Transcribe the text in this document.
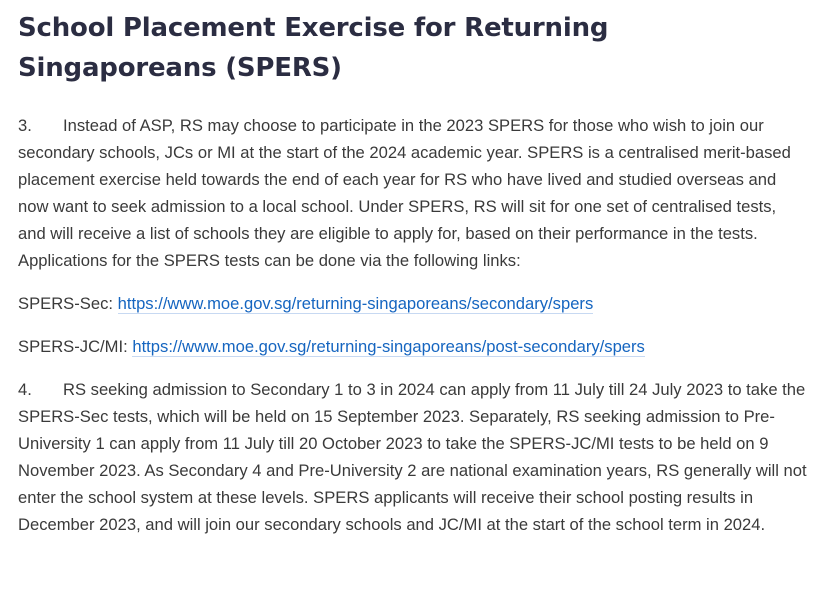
School Placement Exercise for Returning Singaporeans (SPERS)

3. Instead of ASP, RS may choose to participate in the 2023 SPERS for those who wish to join our secondary schools, JCs or MI at the start of the 2024 academic year. SPERS is a centralised merit-based placement exercise held towards the end of each year for RS who have lived and studied overseas and now want to seek admission to a local school. Under SPERS, RS will sit for one set of centralised tests, and will receive a list of schools they are eligible to apply for, based on their performance in the tests. Applications for the SPERS tests can be done via the following links:

SPERS-Sec: https://www.moe.gov.sg/returning-singaporeans/secondary/spers

SPERS-JC/MI: https://www.moe.gov.sg/returning-singaporeans/post-secondary/spers

4. RS seeking admission to Secondary 1 to 3 in 2024 can apply from 11 July till 24 July 2023 to take the SPERS-Sec tests, which will be held on 15 September 2023. Separately, RS seeking admission to Pre-University 1 can apply from 11 July till 20 October 2023 to take the SPERS-JC/MI tests to be held on 9 November 2023. As Secondary 4 and Pre-University 2 are national examination years, RS generally will not enter the school system at these levels. SPERS applicants will receive their school posting results in December 2023, and will join our secondary schools and JC/MI at the start of the school term in 2024.
